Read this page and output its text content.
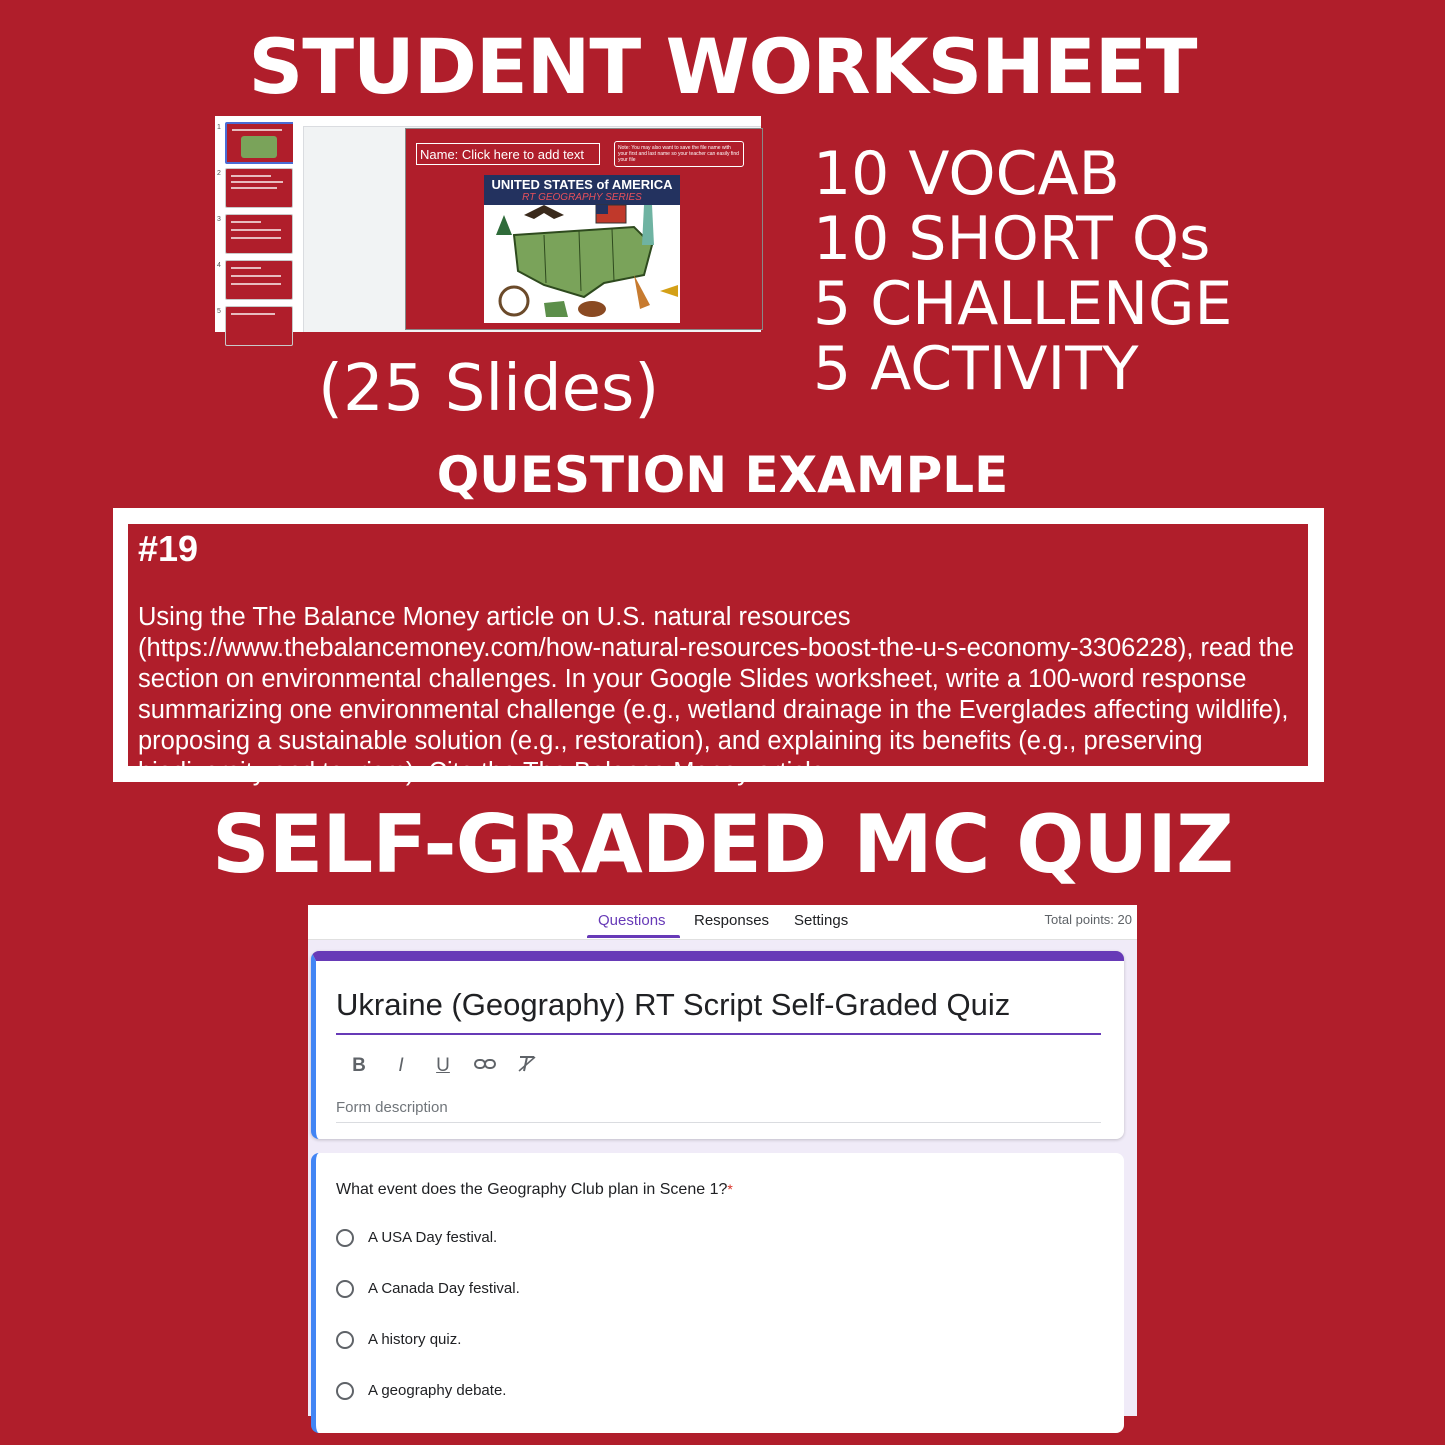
STUDENT WORKSHEET
1
2
3
4
5
Name: Click here to add text	Note: You may also want to save the file name with your first and last name so your teacher can easily find your file
UNITED STATES of AMERICA
RT GEOGRAPHY SERIES
(25 Slides)
10 VOCAB
10 SHORT Qs
5 CHALLENGE
5 ACTIVITY
QUESTION EXAMPLE
#19
Using the The Balance Money article on U.S. natural resources (https://www.thebalancemoney.com/how-natural-resources-boost-the-u-s-economy-3306228), read the section on environmental challenges. In your Google Slides worksheet, write a 100-word response summarizing one environmental challenge (e.g., wetland drainage in the Everglades affecting wildlife), proposing a sustainable solution (e.g., restoration), and explaining its benefits (e.g., preserving biodiversity and tourism). Cite the The Balance Money article.
SELF-GRADED MC QUIZ
Questions Responses Settings	Total points: 20
Ukraine (Geography) RT Script Self-Graded Quiz
B	I	U
Form description
What event does the Geography Club plan in Scene 1?*
A USA Day festival.
A Canada Day festival.
A history quiz.
A geography debate.
